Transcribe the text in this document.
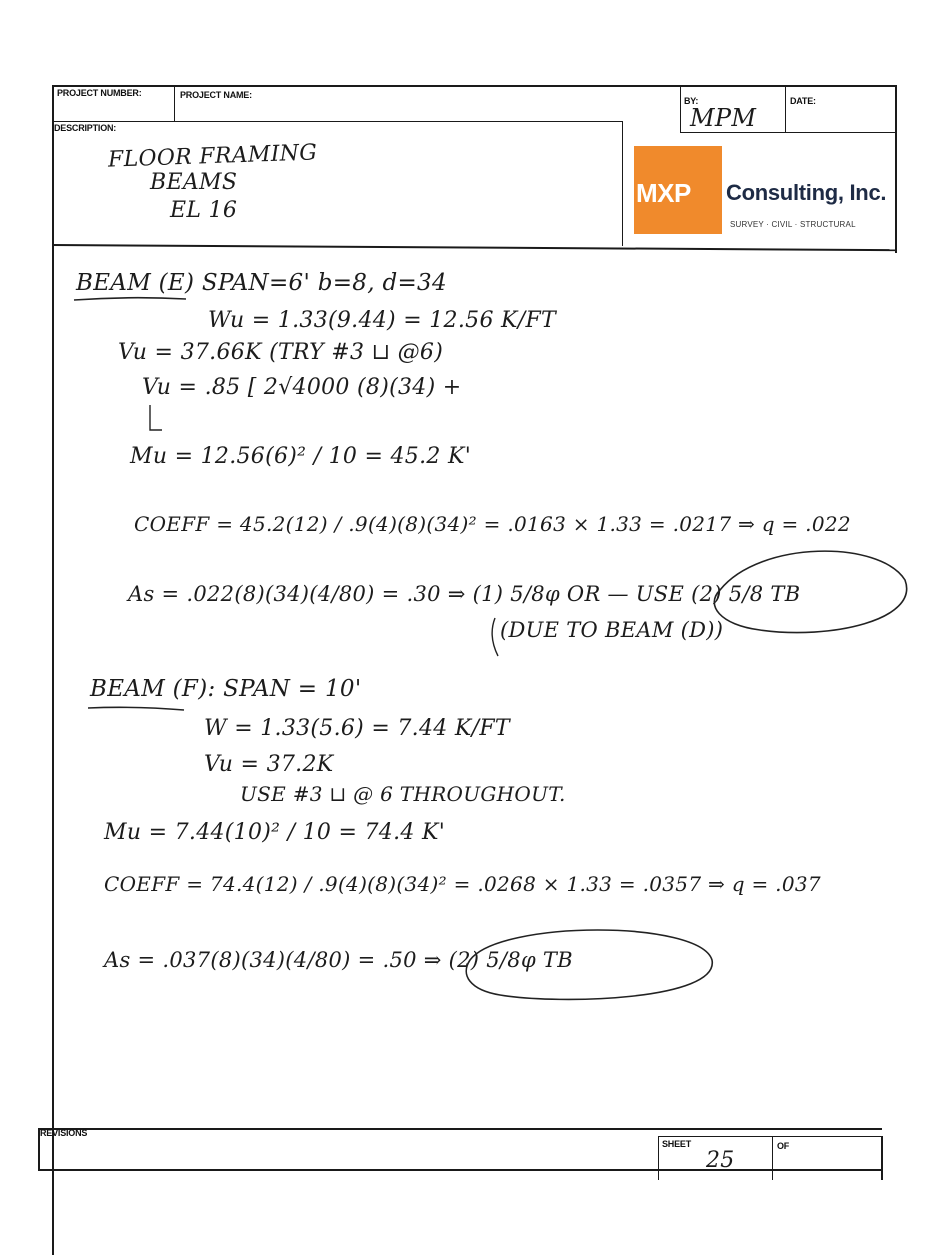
PROJECT NUMBER:	PROJECT NAME:
BY:	DATE:
MPM
DESCRIPTION:
FLOOR FRAMING
BEAMS
EL 16
MXP Consulting, Inc.
SURVEY · CIVIL · STRUCTURAL
BEAM (E) SPAN=6' b=8, d=34
Wu = 1.33(9.44) = 12.56 K/FT
Vu = 37.66K (TRY #3 ⊔ @6)
Vu = .85 [ 2√4000 (8)(34) +
Mu = 12.56(6)² / 10 = 45.2 K'
COEFF = 45.2(12) / .9(4)(8)(34)² = .0163 × 1.33 = .0217 ⇒ q = .022
As = .022(8)(34)(4/80) = .30 ⇒ (1) 5/8φ OR — USE (2) 5/8 TB
(DUE TO BEAM (D))
BEAM (F): SPAN = 10'
W = 1.33(5.6) = 7.44 K/FT
Vu = 37.2K
USE #3 ⊔ @ 6 THROUGHOUT.
Mu = 7.44(10)² / 10 = 74.4 K'
COEFF = 74.4(12) / .9(4)(8)(34)² = .0268 × 1.33 = .0357 ⇒ q = .037
As = .037(8)(34)(4/80) = .50 ⇒ (2) 5/8φ TB
REVISIONS
SHEET	OF
25
